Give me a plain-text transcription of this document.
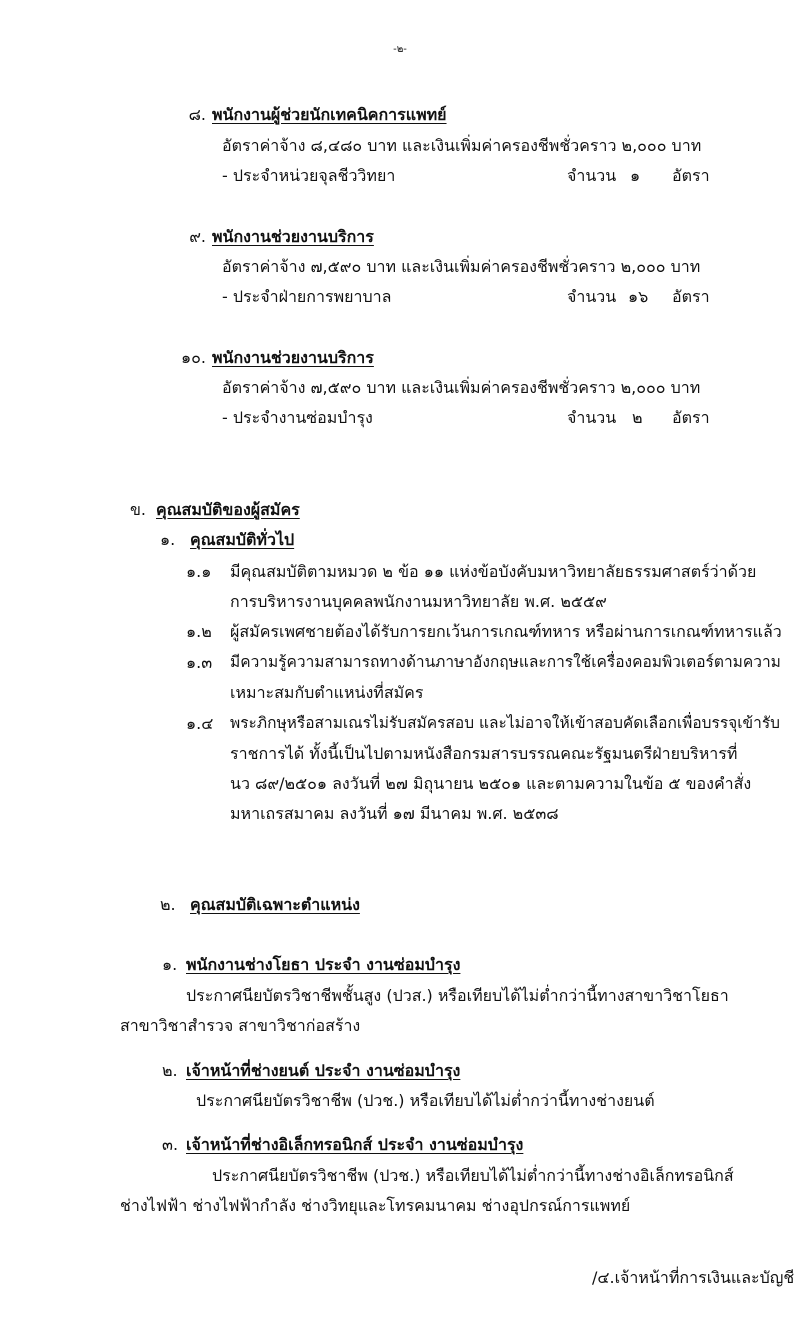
-๒-
๘. พนักงานผู้ช่วยนักเทคนิคการแพทย์
อัตราค่าจ้าง ๘,๔๘๐ บาท และเงินเพิ่มค่าครองชีพชั่วคราว ๒,๐๐๐ บาท
- ประจำหน่วยจุลชีววิทยา	จำนวน ๑ อัตรา
๙. พนักงานช่วยงานบริการ
อัตราค่าจ้าง ๗,๕๙๐ บาท และเงินเพิ่มค่าครองชีพชั่วคราว ๒,๐๐๐ บาท
- ประจำฝ่ายการพยาบาล	จำนวน ๑๖ อัตรา
๑๐. พนักงานช่วยงานบริการ
อัตราค่าจ้าง ๗,๕๙๐ บาท และเงินเพิ่มค่าครองชีพชั่วคราว ๒,๐๐๐ บาท
- ประจำงานซ่อมบำรุง	จำนวน ๒ อัตรา
ข. คุณสมบัติของผู้สมัคร
๑. คุณสมบัติทั่วไป
๑.๑ มีคุณสมบัติตามหมวด ๒ ข้อ ๑๑ แห่งข้อบังคับมหาวิทยาลัยธรรมศาสตร์ว่าด้วย
การบริหารงานบุคคลพนักงานมหาวิทยาลัย พ.ศ. ๒๕๕๙
๑.๒ ผู้สมัครเพศชายต้องได้รับการยกเว้นการเกณฑ์ทหาร หรือผ่านการเกณฑ์ทหารแล้ว
๑.๓ มีความรู้ความสามารถทางด้านภาษาอังกฤษและการใช้เครื่องคอมพิวเตอร์ตามความ
เหมาะสมกับตำแหน่งที่สมัคร
๑.๔ พระภิกษุหรือสามเณรไม่รับสมัครสอบ และไม่อาจให้เข้าสอบคัดเลือกเพื่อบรรจุเข้ารับ
ราชการได้ ทั้งนี้เป็นไปตามหนังสือกรมสารบรรณคณะรัฐมนตรีฝ่ายบริหารที่
นว ๘๙/๒๕๐๑ ลงวันที่ ๒๗ มิถุนายน ๒๕๐๑ และตามความในข้อ ๕ ของคำสั่ง
มหาเถรสมาคม ลงวันที่ ๑๗ มีนาคม พ.ศ. ๒๕๓๘
๒. คุณสมบัติเฉพาะตำแหน่ง
๑. พนักงานช่างโยธา ประจำ งานซ่อมบำรุง
ประกาศนียบัตรวิชาชีพชั้นสูง (ปวส.) หรือเทียบได้ไม่ต่ำกว่านี้ทางสาขาวิชาโยธา
สาขาวิชาสำรวจ สาขาวิชาก่อสร้าง
๒. เจ้าหน้าที่ช่างยนต์ ประจำ งานซ่อมบำรุง
ประกาศนียบัตรวิชาชีพ (ปวช.) หรือเทียบได้ไม่ต่ำกว่านี้ทางช่างยนต์
๓. เจ้าหน้าที่ช่างอิเล็กทรอนิกส์ ประจำ งานซ่อมบำรุง
ประกาศนียบัตรวิชาชีพ (ปวช.) หรือเทียบได้ไม่ต่ำกว่านี้ทางช่างอิเล็กทรอนิกส์
ช่างไฟฟ้า ช่างไฟฟ้ากำลัง ช่างวิทยุและโทรคมนาคม ช่างอุปกรณ์การแพทย์
/๔.เจ้าหน้าที่การเงินและบัญชี
